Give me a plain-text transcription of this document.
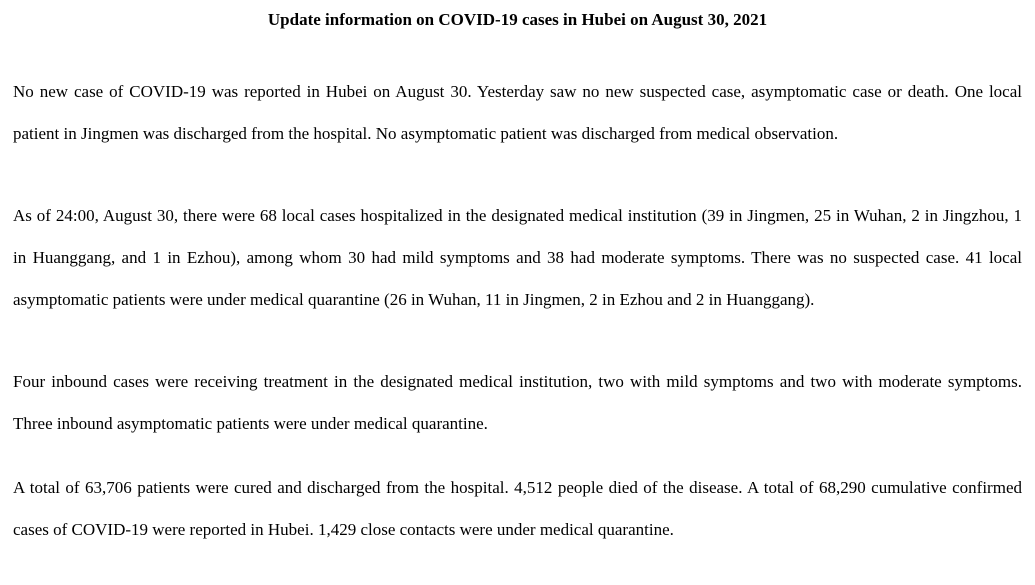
Update information on COVID-19 cases in Hubei on August 30, 2021

No new case of COVID-19 was reported in Hubei on August 30. Yesterday saw no new suspected case, asymptomatic case or death. One local patient in Jingmen was discharged from the hospital. No asymptomatic patient was discharged from medical observation.

As of 24:00, August 30, there were 68 local cases hospitalized in the designated medical institution (39 in Jingmen, 25 in Wuhan, 2 in Jingzhou, 1 in Huanggang, and 1 in Ezhou), among whom 30 had mild symptoms and 38 had moderate symptoms. There was no suspected case. 41 local asymptomatic patients were under medical quarantine (26 in Wuhan, 11 in Jingmen, 2 in Ezhou and 2 in Huanggang).

Four inbound cases were receiving treatment in the designated medical institution, two with mild symptoms and two with moderate symptoms. Three inbound asymptomatic patients were under medical quarantine.

A total of 63,706 patients were cured and discharged from the hospital. 4,512 people died of the disease. A total of 68,290 cumulative confirmed cases of COVID-19 were reported in Hubei. 1,429 close contacts were under medical quarantine.
